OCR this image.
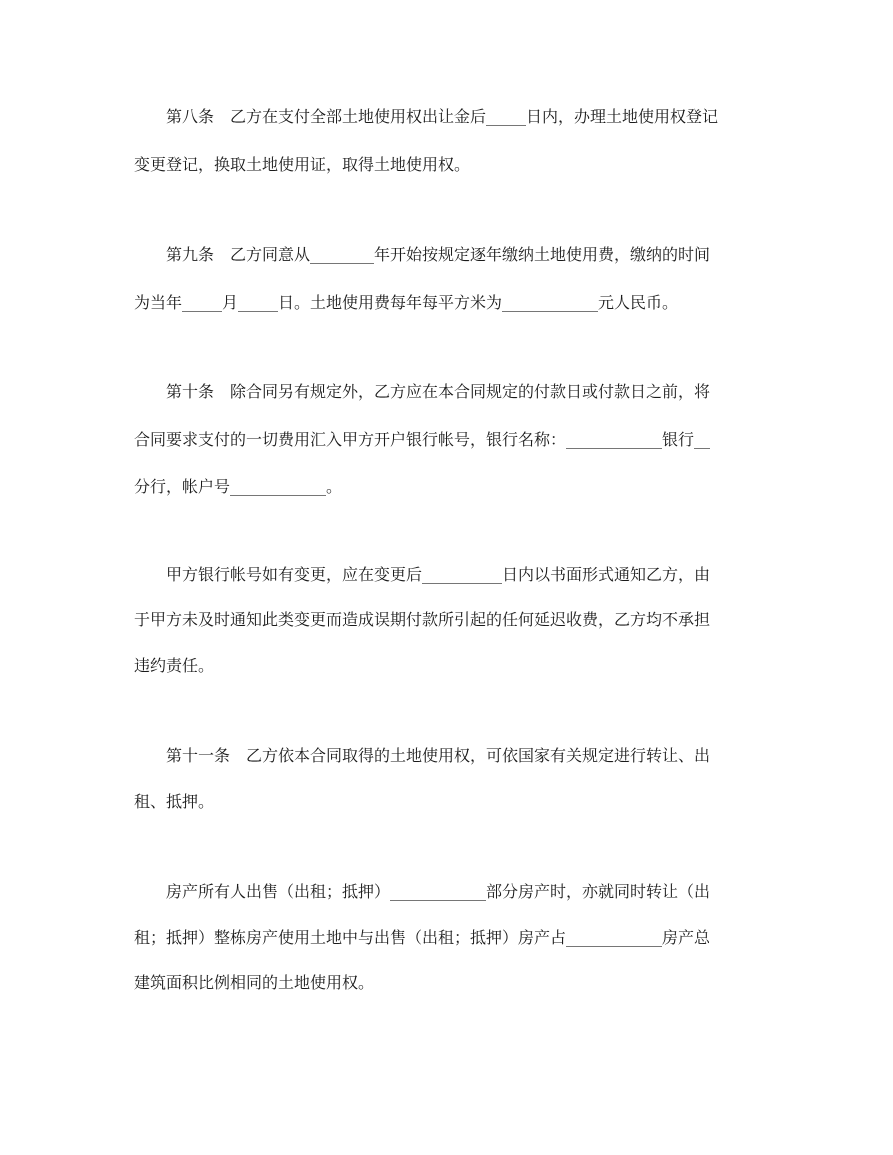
　　第八条　乙方在支付全部土地使用权出让金后_____日内，办理土地使用权登记
变更登记，换取土地使用证，取得土地使用权。
　　第九条　乙方同意从________年开始按规定逐年缴纳土地使用费，缴纳的时间
为当年_____月_____日。土地使用费每年每平方米为____________元人民币。
　　第十条　除合同另有规定外，乙方应在本合同规定的付款日或付款日之前，将
合同要求支付的一切费用汇入甲方开户银行帐号，银行名称：____________银行__
分行，帐户号____________。
　　甲方银行帐号如有变更，应在变更后__________日内以书面形式通知乙方，由
于甲方未及时通知此类变更而造成误期付款所引起的任何延迟收费，乙方均不承担
违约责任。
　　第十一条　乙方依本合同取得的土地使用权，可依国家有关规定进行转让、出
租、抵押。
　　房产所有人出售（出租；抵押）____________部分房产时，亦就同时转让（出
租；抵押）整栋房产使用土地中与出售（出租；抵押）房产占____________房产总
建筑面积比例相同的土地使用权。
